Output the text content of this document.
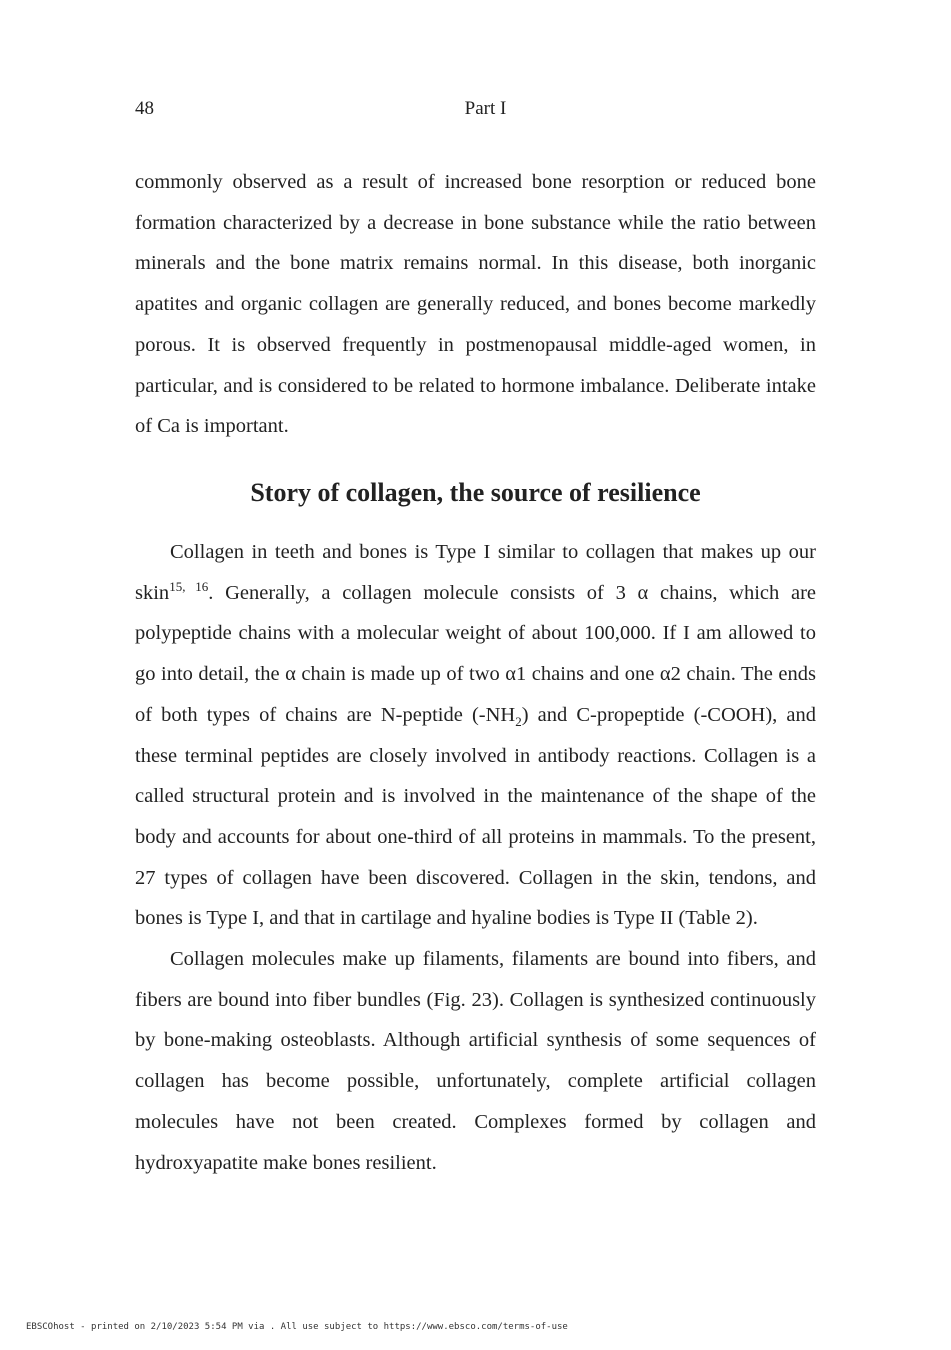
48	Part I

commonly observed as a result of increased bone resorption or reduced bone formation characterized by a decrease in bone substance while the ratio between minerals and the bone matrix remains normal. In this disease, both inorganic apatites and organic collagen are generally reduced, and bones become markedly porous. It is observed frequently in postmenopausal middle-aged women, in particular, and is considered to be related to hormone imbalance. Deliberate intake of Ca is important.

Story of collagen, the source of resilience

Collagen in teeth and bones is Type I similar to collagen that makes up our skin$^{15, 16}$. Generally, a collagen molecule consists of 3 α chains, which are polypeptide chains with a molecular weight of about 100,000. If I am allowed to go into detail, the α chain is made up of two α1 chains and one α2 chain. The ends of both types of chains are N-peptide $(-NH_2)$ and C-propeptide (-COOH), and these terminal peptides are closely involved in antibody reactions. Collagen is a called structural protein and is involved in the maintenance of the shape of the body and accounts for about one-third of all proteins in mammals. To the present, 27 types of collagen have been discovered. Collagen in the skin, tendons, and bones is Type I, and that in cartilage and hyaline bodies is Type II (Table 2).

Collagen molecules make up filaments, filaments are bound into fibers, and fibers are bound into fiber bundles (Fig. 23). Collagen is synthesized continuously by bone-making osteoblasts. Although artificial synthesis of some sequences of collagen has become possible, unfortunately, complete artificial collagen molecules have not been created. Complexes formed by collagen and hydroxyapatite make bones resilient.

EBSCOhost - printed on 2/10/2023 5:54 PM via . All use subject to https://www.ebsco.com/terms-of-use
